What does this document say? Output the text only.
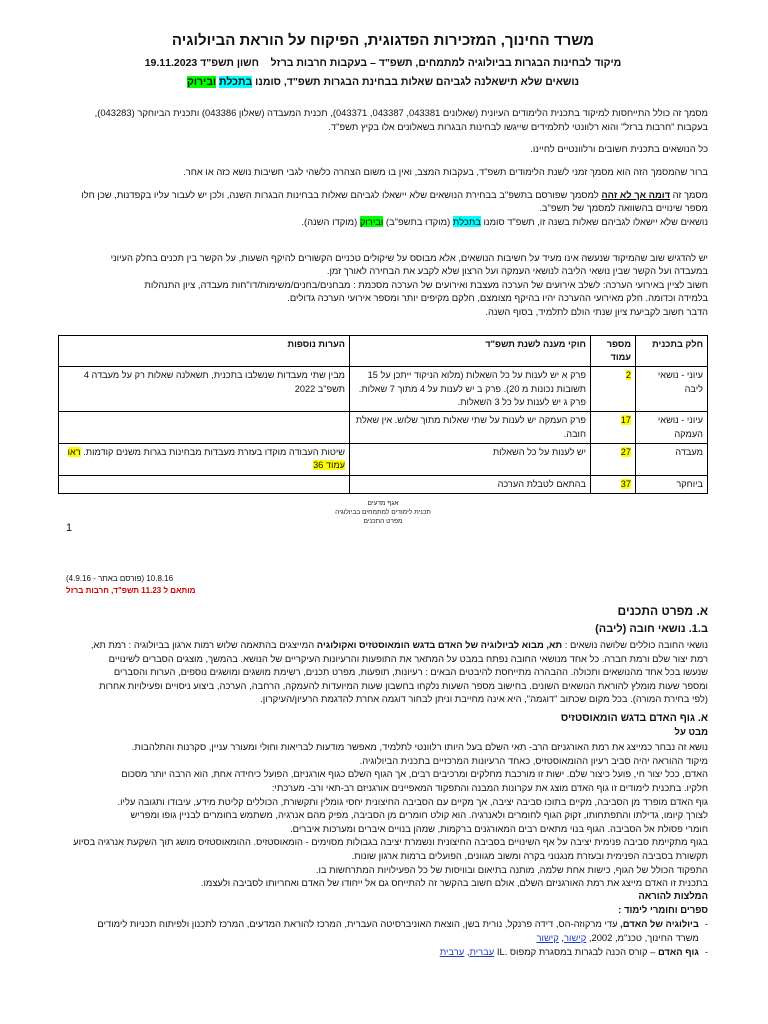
משרד החינוך, המזכירות הפדגוגית, הפיקוח על הוראת הביולוגיה
מיקוד לבחינות הבגרות בביולוגיה למתמחים, תשפ"ד – בעקבות חרבות ברזל    חשון תשפ"ד 19.11.2023
נושאים שלא תישאלנה לגביהם שאלות בבחינת הבגרות תשפ"ד, סומנו בתכלת ובירוק

מסמך זה כולל התייחסות למיקוד בתכנית הלימודים העיונית (שאלונים 043381, 043387, 043371), תכנית המעבדה (שאלון 043386) ותכנית הביוחקר (043283),

בעקבות "חרבות ברזל" והוא רלוונטי לתלמידים שייגשו לבחינות הבגרות בשאלונים אלו בקיץ תשפ"ד.

כל הנושאים בתכנית חשובים ורלוונטיים לחיינו.

ברור שהמסמך הזה הוא מסמך זמני לשנת הלימודים תשפ"ד, בעקבות המצב, ואין בו משום הצהרה כלשהי לגבי חשיבות נושא כזה או אחר.

מסמך זה דומה אך לא זהה למסמך שפורסם בתשפ"ב בבחירת הנושאים שלא יישאלו לגביהם שאלות בבחינות הבגרות השנה, ולכן יש לעבור עליו בקפדנות, שכן חלו

מספר שינויים בהשוואה למסמך של תשפ"ב.

נושאים שלא יישאלו לגביהם שאלות בשנה זו, תשפ"ד סומנו בתכלת (מוקדו בתשפ"ב) ובירוק (מוקדו השנה).

יש להדגיש שוב שהמיקוד שנעשה אינו מעיד על חשיבות הנושאים, אלא מבוסס על שיקולים טכניים הקשורים להיקף השעות, על הקשר בין תכנים בחלק העיוני

במעבדה ועל הקשר שבין נושאי הליבה לנושאי העמקה ועל הרצון שלא לקבע את הבחירה לאורך זמן.

חשוב לציין באירועי הערכה: לשלב אירועים של הערכה מעצבת ואירועים של הערכה מסכמת : מבחנים/בחנים/משימות/דו"חות מעבדה, ציון התנהלות

בלמידה וכדומה. חלק מאירועי ההערכה יהיו בהיקף מצומצם, חלקם מקיפים יותר ומספר אירועי הערכה גדולים.

הדבר חשוב לקביעת ציון שנתי הולם לתלמיד, בסוף השנה.

חלק בתכנית	מספר עמוד	חוקי מענה לשנת תשפ"ד	הערות נוספות
עיוני - נושאי ליבה	2	פרק א יש לענות על כל השאלות (מלוא הניקוד ייתכן על 15 תשובות נכונות מ 20). פרק ב יש לענות על 4 מתוך 7 שאלות. פרק ג יש לענות על כל 3 השאלות.	מבין שתי מעבדות שנשלבו בתכנית, תשאלנה שאלות רק על מעבדה 4 תשפ"ב 2022
עיוני - נושאי העמקה	17	פרק העמקה יש לענות על שתי שאלות מתוך שלוש. אין שאלת חובה.	
מעבדה	27	יש לענות על כל השאלות	שיטות העבודה מוקדו בעזרת מעבדות מבחינות בגרות משנים קודמות. ראו עמוד 36
ביוחקר	37	בהתאם לטבלת הערכה	
אגף מדעים
תכנית לימודים למתמחים בביולוגיה
מפרט התכנים
1
10.8.16 (פורסם באתר - 4.9.16)
מותאם ל 11.23 תשפ"ד, חרבות ברזל
א. מפרט התכנים

ב.1. נושאי חובה (ליבה)

נושאי החובה כוללים שלושה נושאים : תא, מבוא לביולוגיה של האדם בדגש הומאוסטזיס ואקולוגיה המייצגים בהתאמה שלוש רמות ארגון בביולוגיה : רמת תא,

רמת יצור שלם ורמת חברה. כל אחד מנושאי החובה נפתח במבט על המתאר את התופעות והרעיונות העיקריים של הנושא. בהמשך, מוצגים הסברים לשינויים

שנעשו בכל אחד מהנושאים ותכולה. ההבהרה מתייחסת להיבטים הבאים : רעיונות, תופעות, מפרט תכנים, רשימת מושגים ומושגים נוספים, הערות והסברים

ומספר שעות מומלץ להוראת הנושאים השונים. בחישוב מספר השעות נלקחו בחשבון שעות המיועדות להעמקה, הרחבה, הערכה, ביצוע ניסויים ופעילויות אחרות

(לפי בחירת המורה). בכל מקום שכתוב "דוגמה", היא אינה מחייבת וניתן לבחור דוגמה אחרת להדגמת הרעיון/העיקרון.

א. גוף האדם בדגש הומאוסטזיס

מבט על

נושא זה נבחר כמייצג את רמת האורגניזם הרב- תאי השלם בעל היותו רלוונטי לתלמיד, מאפשר מודעות לבריאות וחולי ומעורר עניין, סקרנות והתלהבות.

מיקוד ההוראה יהיה סביב רעיון ההומאוסטזיס, כאחד הרעיונות המרכזיים בתכנית הביולוגיה.

האדם, ככל יצור חי, פועל כיצור שלם. ישות זו מורכבת מחלקים ומרכיבים רבים, אך הגוף השלם כגוף אורגניזם, הפועל כיחידה אחת, הוא הרבה יותר מסכום

חלקיו. בתכנית לימודים זו גוף האדם מוצג את עקרונות המבנה והתפקוד המאפיינים אורגניזם רב-תאי ורב- מערכתי:

גוף האדם מופרד מן הסביבה, מקיים בתוכו סביבה יציבה, אך מקיים עם הסביבה החיצונית יחסי גומלין ותקשורת, הכוללים קליטת מידע, עיבודו ותגובה עליו.

לצורך קיומו, גדילתו והתפתחותו, זקוק הגוף לחומרים ולאנרגיה. הוא קולט חומרים מן הסביבה, מפיק מהם אנרגיה, משתמש בחומרים לבניין גופו ומפריש

חומרי פסולת אל הסביבה. הגוף בנוי מתאים רבים המאורגנים ברקמות, שמהן בנויים איברים ומערכות איברים.

בגוף מתקיימת סביבה פנימית יציבה על אף השינויים בסביבה החיצונית ונשמרת יציבה בגבולות מסוימים - הומאוסטזיס. ההומאוסטזיס מושג תוך השקעת אנרגיה בסיוע

תקשורת בסביבה הפנימית ובעזרת מנגנוני בקרה ומשוב מגוונים, הפועלים ברמות ארגון שונות.

התפקוד הכולל של הגוף, כישות אחת שלמה, מותנה בתיאום ובוויסות של כל הפעילויות המתרחשות בו.

בתכנית זו האדם מייצג את רמת האורגניזם השלם, אולם חשוב בהקשר זה להתייחס גם אל ייחודו של האדם ואחריותו לסביבה ולעצמו.

המלצות להוראה

ספרים וחומרי לימוד :

-
ביולוגיה של האדם, עדי מרקוזה-הס, דידה פרנקל, נורית בשן, הוצאת האוניברסיטה העברית, המרכז להוראת המדעים, המרכז לתכנון ולפיתוח תכניות לימודים
משרד החינוך, טכנ"מ, 2002, קישור, קישור
-
גוף האדם – קורס הכנה לבגרות במסגרת קמפוס .IL עברית, ערבית
